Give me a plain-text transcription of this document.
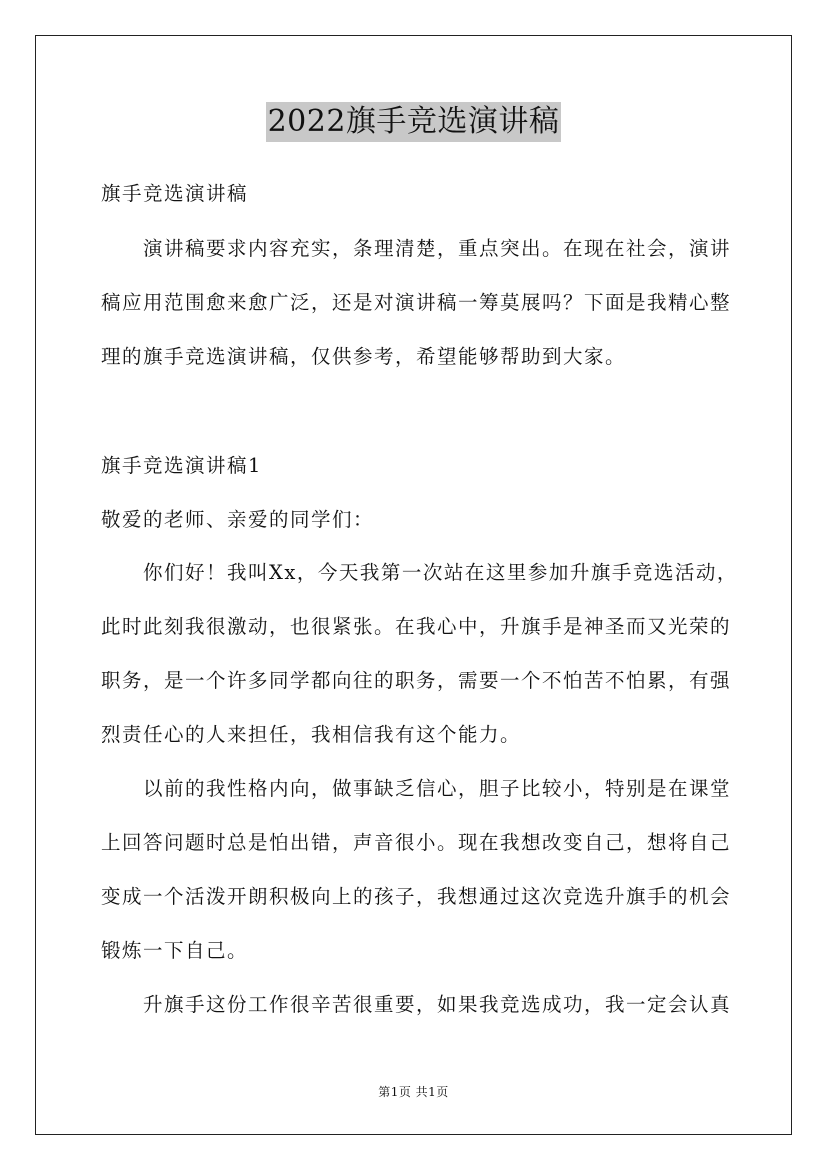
2022旗手竞选演讲稿
旗手竞选演讲稿
演讲稿要求内容充实，条理清楚，重点突出。在现在社会，演讲
稿应用范围愈来愈广泛，还是对演讲稿一筹莫展吗？下面是我精心整
理的旗手竞选演讲稿，仅供参考，希望能够帮助到大家。
旗手竞选演讲稿1
敬爱的老师、亲爱的同学们：
你们好！我叫Xx，今天我第一次站在这里参加升旗手竞选活动，
此时此刻我很激动，也很紧张。在我心中，升旗手是神圣而又光荣的
职务，是一个许多同学都向往的职务，需要一个不怕苦不怕累，有强
烈责任心的人来担任，我相信我有这个能力。
以前的我性格内向，做事缺乏信心，胆子比较小，特别是在课堂
上回答问题时总是怕出错，声音很小。现在我想改变自己，想将自己
变成一个活泼开朗积极向上的孩子，我想通过这次竞选升旗手的机会
锻炼一下自己。
升旗手这份工作很辛苦很重要，如果我竞选成功，我一定会认真
第1页 共1页
